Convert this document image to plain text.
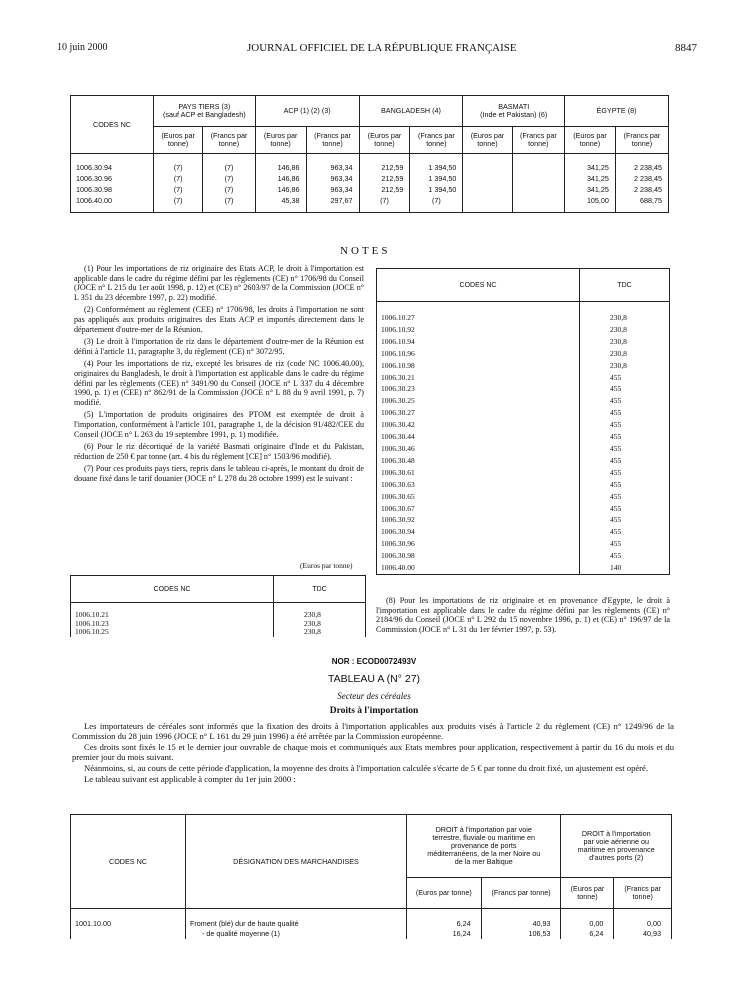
10 juin 2000	JOURNAL OFFICIEL DE LA RÉPUBLIQUE FRANÇAISE	8847
CODES NC	PAYS TIERS (3)
(sauf ACP et Bangladesh)		ACP (1) (2) (3)		BANGLADESH (4)		BASMATI
(Inde et Pakistan) (6)		ÉGYPTE (8)	
	(Euros par tonne)	(Francs par tonne)	(Euros par tonne)	(Francs par tonne)	(Euros par tonne)	(Francs par tonne)	(Euros par tonne)	(Francs par tonne)	(Euros par tonne)	(Francs par tonne)

1006.30.94	(7)	(7)	146,86	963,34	212,59	1 394,50			341,25	2 238,45
1006.30.96	(7)	(7)	146,86	963,34	212,59	1 394,50			341,25	2 238,45
1006.30.98	(7)	(7)	146,86	963,34	212,59	1 394,50			341,25	2 238,45
1006.40.00	(7)	(7)	45,38	297,67	(7)	(7)			105,00	688,75

NOTES

(1) Pour les importations de riz originaire des Etats ACP, le droit à l'importation est applicable dans le cadre du régime défini par les règlements (CE) n° 1706/98 du Conseil (JOCE n° L 215 du 1er août 1998, p. 12) et (CE) n° 2603/97 de la Commission (JOCE n° L 351 du 23 décembre 1997, p. 22) modifié.

(2) Conformément au règlement (CEE) n° 1706/98, les droits à l'importation ne sont pas appliqués aux produits originaires des Etats ACP et importés directement dans le département d'outre-mer de la Réunion.

(3) Le droit à l'importation de riz dans le département d'outre-mer de la Réunion est défini à l'article 11, paragraphe 3, du règlement (CE) n° 3072/95.

(4) Pour les importations de riz, excepté les brisures de riz (code NC 1006.40.00), originaires du Bangladesh, le droit à l'importation est applicable dans le cadre du régime défini par les règlements (CEE) n° 3491/90 du Conseil (JOCE n° L 337 du 4 décembre 1990, p. 1) et (CEE) n° 862/91 de la Commission (JOCE n° L 88 du 9 avril 1991, p. 7) modifié.

(5) L'importation de produits originaires des PTOM est exemptée de droit à l'importation, conformément à l'article 101, paragraphe 1, de la décision 91/482/CEE du Conseil (JOCE n° L 263 du 19 septembre 1991, p. 1) modifiée.

(6) Pour le riz décortiqué de la variété Basmati originaire d'Inde et du Pakistan, réduction de 250 € par tonne (art. 4 bis du règlement [CE] n° 1503/96 modifié).

(7) Pour ces produits pays tiers, repris dans le tableau ci-après, le montant du droit de douane fixé dans le tarif douanier (JOCE n° L 278 du 28 octobre 1999) est le suivant :

(Euros par tonne)
CODES NC	TDC

1006.10.21	230,8
1006.10.23	230,8
1006.10.25	230,8
CODES NC	TDC

1006.10.27	230,8
1006.10.92	230,8
1006.10.94	230,8
1006.10.96	230,8
1006.10.98	230,8
1006.30.21	455
1006.30.23	455
1006.30.25	455
1006.30.27	455
1006.30.42	455
1006.30.44	455
1006.30.46	455
1006.30.48	455
1006.30.61	455
1006.30.63	455
1006.30.65	455
1006.30.67	455
1006.30.92	455
1006.30.94	455
1006.30.96	455
1006.30.98	455
1006.40.00	140

(8) Pour les importations de riz originaire et en provenance d'Egypte, le droit à l'importation est applicable dans le cadre du régime défini par les règlements (CE) n° 2184/96 du Conseil (JOCE n° L 292 du 15 novembre 1996, p. 1) et (CE) n° 196/97 de la Commission (JOCE n° L 31 du 1er février 1997, p. 53).

NOR : ECOD0072493V
TABLEAU A (N° 27)
Secteur des céréales
Droits à l'importation

Les importateurs de céréales sont informés que la fixation des droits à l'importation applicables aux produits visés à l'article 2 du règlement (CE) n° 1249/96 de la Commission du 28 juin 1996 (JOCE n° L 161 du 29 juin 1996) a été arrêtée par la Commission européenne.

Ces droits sont fixés le 15 et le dernier jour ouvrable de chaque mois et communiqués aux Etats membres pour application, respectivement à partir du 16 du mois et du premier jour du mois suivant.

Néanmoins, si, au cours de cette période d'application, la moyenne des droits à l'importation calculée s'écarte de 5 € par tonne du droit fixé, un ajustement est opéré.

Le tableau suivant est applicable à compter du 1er juin 2000 :

CODES NC	DÉSIGNATION DES MARCHANDISES	DROIT à l'importation par voie terrestre, fluviale ou maritime en provenance de ports méditerranéens, de la mer Noire ou de la mer Baltique		DROIT à l'importation par voie aérienne ou maritime en provenance d'autres ports (2)	
		(Euros par tonne)	(Francs par tonne)	(Euros par tonne)	(Francs par tonne)

1001.10.00	Froment (blé) dur de haute qualité	6,24	40,93	0,00	0,00
	- de qualité moyenne (1)	16,24	106,53	6,24	40,93
